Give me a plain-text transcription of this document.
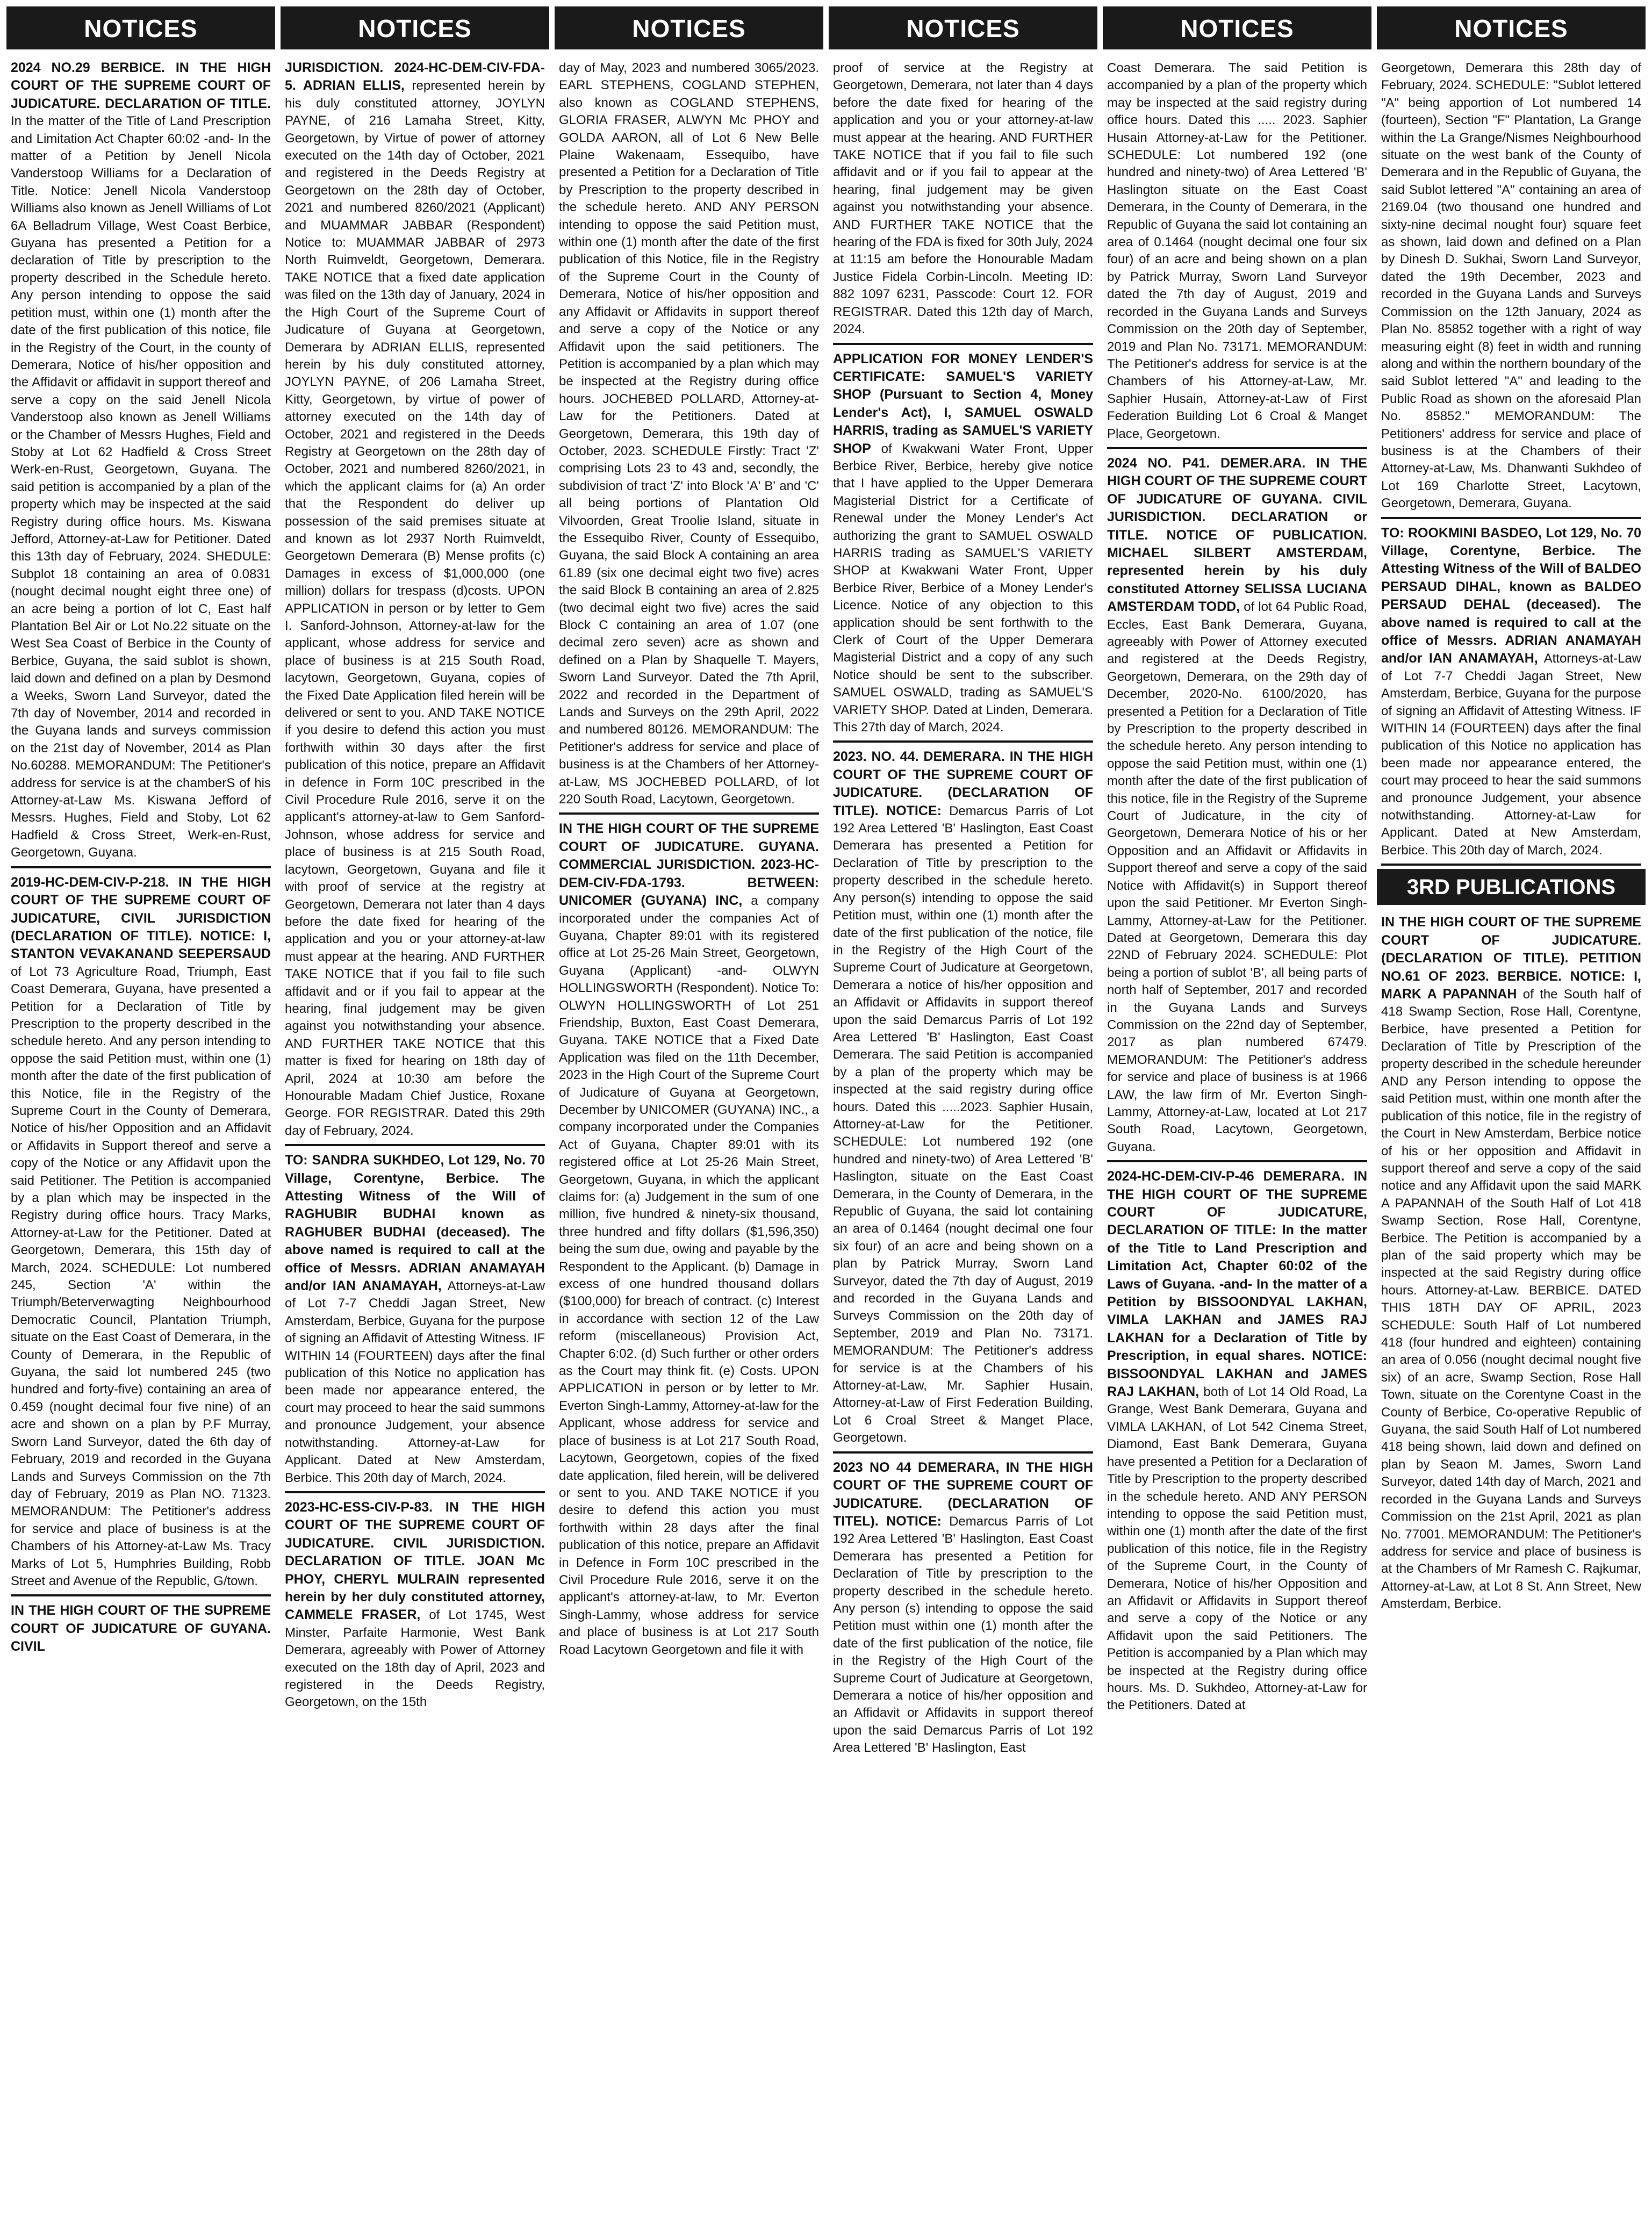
NOTICES

2024 NO.29 BERBICE. IN THE HIGH COURT OF THE SUPREME COURT OF JUDICATURE. DECLARATION OF TITLE. In the matter of the Title of Land Prescription and Limitation Act Chapter 60:02 -and- In the matter of a Petition by Jenell Nicola Vanderstoop Williams for a Declaration of Title. Notice: Jenell Nicola Vanderstoop Williams also known as Jenell Williams of Lot 6A Belladrum Village, West Coast Berbice, Guyana has presented a Petition for a declaration of Title by prescription to the property described in the Schedule hereto. Any person intending to oppose the said petition must, within one (1) month after the date of the first publication of this notice, file in the Registry of the Court, in the county of Demerara, Notice of his/her opposition and the Affidavit or affidavit in support thereof and serve a copy on the said Jenell Nicola Vanderstoop also known as Jenell Williams or the Chamber of Messrs Hughes, Field and Stoby at Lot 62 Hadfield & Cross Street Werk-en-Rust, Georgetown, Guyana. The said petition is accompanied by a plan of the property which may be inspected at the said Registry during office hours. Ms. Kiswana Jefford, Attorney-at-Law for Petitioner. Dated this 13th day of February, 2024. SHEDULE: Subplot 18 containing an area of 0.0831 (nought decimal nought eight three one) of an acre being a portion of lot C, East half Plantation Bel Air or Lot No.22 situate on the West Sea Coast of Berbice in the County of Berbice, Guyana, the said sublot is shown, laid down and defined on a plan by Desmond a Weeks, Sworn Land Surveyor, dated the 7th day of November, 2014 and recorded in the Guyana lands and surveys commission on the 21st day of November, 2014 as Plan No.60288. MEMORANDUM: The Petitioner's address for service is at the chamberS of his Attorney-at-Law Ms. Kiswana Jefford of Messrs. Hughes, Field and Stoby, Lot 62 Hadfield & Cross Street, Werk-en-Rust, Georgetown, Guyana.

2019-HC-DEM-CIV-P-218. IN THE HIGH COURT OF THE SUPREME COURT OF JUDICATURE, CIVIL JURISDICTION (DECLARATION OF TITLE). NOTICE: I, STANTON VEVAKANAND SEEPERSAUD of Lot 73 Agriculture Road, Triumph, East Coast Demerara, Guyana, have presented a Petition for a Declaration of Title by Prescription to the property described in the schedule hereto. And any person intending to oppose the said Petition must, within one (1) month after the date of the first publication of this Notice, file in the Registry of the Supreme Court in the County of Demerara, Notice of his/her Opposition and an Affidavit or Affidavits in Support thereof and serve a copy of the Notice or any Affidavit upon the said Petitioner. The Petition is accompanied by a plan which may be inspected in the Registry during office hours. Tracy Marks, Attorney-at-Law for the Petitioner. Dated at Georgetown, Demerara, this 15th day of March, 2024. SCHEDULE: Lot numbered 245, Section 'A' within the Triumph/Beterverwagting Neighbourhood Democratic Council, Plantation Triumph, situate on the East Coast of Demerara, in the County of Demerara, in the Republic of Guyana, the said lot numbered 245 (two hundred and forty-five) containing an area of 0.459 (nought decimal four five nine) of an acre and shown on a plan by P.F Murray, Sworn Land Surveyor, dated the 6th day of February, 2019 and recorded in the Guyana Lands and Surveys Commission on the 7th day of February, 2019 as Plan NO. 71323. MEMORANDUM: The Petitioner's address for service and place of business is at the Chambers of his Attorney-at-Law Ms. Tracy Marks of Lot 5, Humphries Building, Robb Street and Avenue of the Republic, G/town.

IN THE HIGH COURT OF THE SUPREME COURT OF JUDICATURE OF GUYANA. CIVIL

NOTICES

JURISDICTION. 2024-HC-DEM-CIV-FDA-5. ADRIAN ELLIS, represented herein by his duly constituted attorney, JOYLYN PAYNE, of 216 Lamaha Street, Kitty, Georgetown, by Virtue of power of attorney executed on the 14th day of October, 2021 and registered in the Deeds Registry at Georgetown on the 28th day of October, 2021 and numbered 8260/2021 (Applicant) and MUAMMAR JABBAR (Respondent) Notice to: MUAMMAR JABBAR of 2973 North Ruimveldt, Georgetown, Demerara. TAKE NOTICE that a fixed date application was filed on the 13th day of January, 2024 in the High Court of the Supreme Court of Judicature of Guyana at Georgetown, Demerara by ADRIAN ELLIS, represented herein by his duly constituted attorney, JOYLYN PAYNE, of 206 Lamaha Street, Kitty, Georgetown, by virtue of power of attorney executed on the 14th day of October, 2021 and registered in the Deeds Registry at Georgetown on the 28th day of October, 2021 and numbered 8260/2021, in which the applicant claims for (a) An order that the Respondent do deliver up possession of the said premises situate at and known as lot 2937 North Ruimveldt, Georgetown Demerara (B) Mense profits (c) Damages in excess of $1,000,000 (one million) dollars for trespass (d)costs. UPON APPLICATION in person or by letter to Gem I. Sanford-Johnson, Attorney-at-law for the applicant, whose address for service and place of business is at 215 South Road, lacytown, Georgetown, Guyana, copies of the Fixed Date Application filed herein will be delivered or sent to you. AND TAKE NOTICE if you desire to defend this action you must forthwith within 30 days after the first publication of this notice, prepare an Affidavit in defence in Form 10C prescribed in the Civil Procedure Rule 2016, serve it on the applicant's attorney-at-law to Gem Sanford-Johnson, whose address for service and place of business is at 215 South Road, lacytown, Georgetown, Guyana and file it with proof of service at the registry at Georgetown, Demerara not later than 4 days before the date fixed for hearing of the application and you or your attorney-at-law must appear at the hearing. AND FURTHER TAKE NOTICE that if you fail to file such affidavit and or if you fail to appear at the hearing, final judgement may be given against you notwithstanding your absence. AND FURTHER TAKE NOTICE that this matter is fixed for hearing on 18th day of April, 2024 at 10:30 am before the Honourable Madam Chief Justice, Roxane George. FOR REGISTRAR. Dated this 29th day of February, 2024.

TO: SANDRA SUKHDEO, Lot 129, No. 70 Village, Corentyne, Berbice. The Attesting Witness of the Will of RAGHUBIR BUDHAI known as RAGHUBER BUDHAI (deceased). The above named is required to call at the office of Messrs. ADRIAN ANAMAYAH and/or IAN ANAMAYAH, Attorneys-at-Law of Lot 7-7 Cheddi Jagan Street, New Amsterdam, Berbice, Guyana for the purpose of signing an Affidavit of Attesting Witness. IF WITHIN 14 (FOURTEEN) days after the final publication of this Notice no application has been made nor appearance entered, the court may proceed to hear the said summons and pronounce Judgement, your absence notwithstanding. Attorney-at-Law for Applicant. Dated at New Amsterdam, Berbice. This 20th day of March, 2024.

2023-HC-ESS-CIV-P-83. IN THE HIGH COURT OF THE SUPREME COURT OF JUDICATURE. CIVIL JURISDICTION. DECLARATION OF TITLE. JOAN Mc PHOY, CHERYL MULRAIN represented herein by her duly constituted attorney, CAMMELE FRASER, of Lot 1745, West Minster, Parfaite Harmonie, West Bank Demerara, agreeably with Power of Attorney executed on the 18th day of April, 2023 and registered in the Deeds Registry, Georgetown, on the 15th

NOTICES

day of May, 2023 and numbered 3065/2023. EARL STEPHENS, COGLAND STEPHEN, also known as COGLAND STEPHENS, GLORIA FRASER, ALWYN Mc PHOY and GOLDA AARON, all of Lot 6 New Belle Plaine Wakenaam, Essequibo, have presented a Petition for a Declaration of Title by Prescription to the property described in the schedule hereto. AND ANY PERSON intending to oppose the said Petition must, within one (1) month after the date of the first publication of this Notice, file in the Registry of the Supreme Court in the County of Demerara, Notice of his/her opposition and any Affidavit or Affidavits in support thereof and serve a copy of the Notice or any Affidavit upon the said petitioners. The Petition is accompanied by a plan which may be inspected at the Registry during office hours. JOCHEBED POLLARD, Attorney-at-Law for the Petitioners. Dated at Georgetown, Demerara, this 19th day of October, 2023. SCHEDULE Firstly: Tract 'Z' comprising Lots 23 to 43 and, secondly, the subdivision of tract 'Z' into Block 'A' B' and 'C' all being portions of Plantation Old Vilvoorden, Great Troolie Island, situate in the Essequibo River, County of Essequibo, Guyana, the said Block A containing an area 61.89 (six one decimal eight two five) acres the said Block B containing an area of 2.825 (two decimal eight two five) acres the said Block C containing an area of 1.07 (one decimal zero seven) acre as shown and defined on a Plan by Shaquelle T. Mayers, Sworn Land Surveyor. Dated the 7th April, 2022 and recorded in the Department of Lands and Surveys on the 29th April, 2022 and numbered 80126. MEMORANDUM: The Petitioner's address for service and place of business is at the Chambers of her Attorney-at-Law, MS JOCHEBED POLLARD, of lot 220 South Road, Lacytown, Georgetown.

IN THE HIGH COURT OF THE SUPREME COURT OF JUDICATURE. GUYANA. COMMERCIAL JURISDICTION. 2023-HC-DEM-CIV-FDA-1793. BETWEEN: UNICOMER (GUYANA) INC, a company incorporated under the companies Act of Guyana, Chapter 89:01 with its registered office at Lot 25-26 Main Street, Georgetown, Guyana (Applicant) -and- OLWYN HOLLINGSWORTH (Respondent). Notice To: OLWYN HOLLINGSWORTH of Lot 251 Friendship, Buxton, East Coast Demerara, Guyana. TAKE NOTICE that a Fixed Date Application was filed on the 11th December, 2023 in the High Court of the Supreme Court of Judicature of Guyana at Georgetown, December by UNICOMER (GUYANA) INC., a company incorporated under the Companies Act of Guyana, Chapter 89:01 with its registered office at Lot 25-26 Main Street, Georgetown, Guyana, in which the applicant claims for: (a) Judgement in the sum of one million, five hundred & ninety-six thousand, three hundred and fifty dollars ($1,596,350) being the sum due, owing and payable by the Respondent to the Applicant. (b) Damage in excess of one hundred thousand dollars ($100,000) for breach of contract. (c) Interest in accordance with section 12 of the Law reform (miscellaneous) Provision Act, Chapter 6:02. (d) Such further or other orders as the Court may think fit. (e) Costs. UPON APPLICATION in person or by letter to Mr. Everton Singh-Lammy, Attorney-at-law for the Applicant, whose address for service and place of business is at Lot 217 South Road, Lacytown, Georgetown, copies of the fixed date application, filed herein, will be delivered or sent to you. AND TAKE NOTICE if you desire to defend this action you must forthwith within 28 days after the final publication of this notice, prepare an Affidavit in Defence in Form 10C prescribed in the Civil Procedure Rule 2016, serve it on the applicant's attorney-at-law, to Mr. Everton Singh-Lammy, whose address for service and place of business is at Lot 217 South Road Lacytown Georgetown and file it with

NOTICES

proof of service at the Registry at Georgetown, Demerara, not later than 4 days before the date fixed for hearing of the application and you or your attorney-at-law must appear at the hearing. AND FURTHER TAKE NOTICE that if you fail to file such affidavit and or if you fail to appear at the hearing, final judgement may be given against you notwithstanding your absence. AND FURTHER TAKE NOTICE that the hearing of the FDA is fixed for 30th July, 2024 at 11:15 am before the Honourable Madam Justice Fidela Corbin-Lincoln. Meeting ID: 882 1097 6231, Passcode: Court 12. FOR REGISTRAR. Dated this 12th day of March, 2024.

APPLICATION FOR MONEY LENDER'S CERTIFICATE: SAMUEL'S VARIETY SHOP (Pursuant to Section 4, Money Lender's Act), I, SAMUEL OSWALD HARRIS, trading as SAMUEL'S VARIETY SHOP of Kwakwani Water Front, Upper Berbice River, Berbice, hereby give notice that I have applied to the Upper Demerara Magisterial District for a Certificate of Renewal under the Money Lender's Act authorizing the grant to SAMUEL OSWALD HARRIS trading as SAMUEL'S VARIETY SHOP at Kwakwani Water Front, Upper Berbice River, Berbice of a Money Lender's Licence. Notice of any objection to this application should be sent forthwith to the Clerk of Court of the Upper Demerara Magisterial District and a copy of any such Notice should be sent to the subscriber. SAMUEL OSWALD, trading as SAMUEL'S VARIETY SHOP. Dated at Linden, Demerara. This 27th day of March, 2024.

2023. NO. 44. DEMERARA. IN THE HIGH COURT OF THE SUPREME COURT OF JUDICATURE. (DECLARATION OF TITLE). NOTICE: Demarcus Parris of Lot 192 Area Lettered 'B' Haslington, East Coast Demerara has presented a Petition for Declaration of Title by prescription to the property described in the schedule hereto. Any person(s) intending to oppose the said Petition must, within one (1) month after the date of the first publication of the notice, file in the Registry of the High Court of the Supreme Court of Judicature at Georgetown, Demerara a notice of his/her opposition and an Affidavit or Affidavits in support thereof upon the said Demarcus Parris of Lot 192 Area Lettered 'B' Haslington, East Coast Demerara. The said Petition is accompanied by a plan of the property which may be inspected at the said registry during office hours. Dated this .....2023. Saphier Husain, Attorney-at-Law for the Petitioner. SCHEDULE: Lot numbered 192 (one hundred and ninety-two) of Area Lettered 'B' Haslington, situate on the East Coast Demerara, in the County of Demerara, in the Republic of Guyana, the said lot containing an area of 0.1464 (nought decimal one four six four) of an acre and being shown on a plan by Patrick Murray, Sworn Land Surveyor, dated the 7th day of August, 2019 and recorded in the Guyana Lands and Surveys Commission on the 20th day of September, 2019 and Plan No. 73171. MEMORANDUM: The Petitioner's address for service is at the Chambers of his Attorney-at-Law, Mr. Saphier Husain, Attorney-at-Law of First Federation Building, Lot 6 Croal Street & Manget Place, Georgetown.

2023 NO 44 DEMERARA, IN THE HIGH COURT OF THE SUPREME COURT OF JUDICATURE. (DECLARATION OF TITEL). NOTICE: Demarcus Parris of Lot 192 Area Lettered 'B' Haslington, East Coast Demerara has presented a Petition for Declaration of Title by prescription to the property described in the schedule hereto. Any person (s) intending to oppose the said Petition must within one (1) month after the date of the first publication of the notice, file in the Registry of the High Court of the Supreme Court of Judicature at Georgetown, Demerara a notice of his/her opposition and an Affidavit or Affidavits in support thereof upon the said Demarcus Parris of Lot 192 Area Lettered 'B' Haslington, East

NOTICES

Coast Demerara. The said Petition is accompanied by a plan of the property which may be inspected at the said registry during office hours. Dated this ..... 2023. Saphier Husain Attorney-at-Law for the Petitioner. SCHEDULE: Lot numbered 192 (one hundred and ninety-two) of Area Lettered 'B' Haslington situate on the East Coast Demerara, in the County of Demerara, in the Republic of Guyana the said lot containing an area of 0.1464 (nought decimal one four six four) of an acre and being shown on a plan by Patrick Murray, Sworn Land Surveyor dated the 7th day of August, 2019 and recorded in the Guyana Lands and Surveys Commission on the 20th day of September, 2019 and Plan No. 73171. MEMORANDUM: The Petitioner's address for service is at the Chambers of his Attorney-at-Law, Mr. Saphier Husain, Attorney-at-Law of First Federation Building Lot 6 Croal & Manget Place, Georgetown.

2024 NO. P41. DEMER.ARA. IN THE HIGH COURT OF THE SUPREME COURT OF JUDICATURE OF GUYANA. CIVIL JURISDICTION. DECLARATION or TITLE. NOTICE OF PUBLICATION. MICHAEL SILBERT AMSTERDAM, represented herein by his duly constituted Attorney SELISSA LUCIANA AMSTERDAM TODD, of lot 64 Public Road, Eccles, East Bank Demerara, Guyana, agreeably with Power of Attorney executed and registered at the Deeds Registry, Georgetown, Demerara, on the 29th day of December, 2020-No. 6100/2020, has presented a Petition for a Declaration of Title by Prescription to the property described in the schedule hereto. Any person intending to oppose the said Petition must, within one (1) month after the date of the first publication of this notice, file in the Registry of the Supreme Court of Judicature, in the city of Georgetown, Demerara Notice of his or her Opposition and an Affidavit or Affidavits in Support thereof and serve a copy of the said Notice with Affidavit(s) in Support thereof upon the said Petitioner. Mr Everton Singh-Lammy, Attorney-at-Law for the Petitioner. Dated at Georgetown, Demerara this day 22ND of February 2024. SCHEDULE: Plot being a portion of sublot 'B', all being parts of north half of September, 2017 and recorded in the Guyana Lands and Surveys Commission on the 22nd day of September, 2017 as plan numbered 67479. MEMORANDUM: The Petitioner's address for service and place of business is at 1966 LAW, the law firm of Mr. Everton Singh-Lammy, Attorney-at-Law, located at Lot 217 South Road, Lacytown, Georgetown, Guyana.

2024-HC-DEM-CIV-P-46 DEMERARA. IN THE HIGH COURT OF THE SUPREME COURT OF JUDICATURE, DECLARATION OF TITLE: In the matter of the Title to Land Prescription and Limitation Act, Chapter 60:02 of the Laws of Guyana. -and- In the matter of a Petition by BISSOONDYAL LAKHAN, VIMLA LAKHAN and JAMES RAJ LAKHAN for a Declaration of Title by Prescription, in equal shares. NOTICE: BISSOONDYAL LAKHAN and JAMES RAJ LAKHAN, both of Lot 14 Old Road, La Grange, West Bank Demerara, Guyana and VIMLA LAKHAN, of Lot 542 Cinema Street, Diamond, East Bank Demerara, Guyana have presented a Petition for a Declaration of Title by Prescription to the property described in the schedule hereto. AND ANY PERSON intending to oppose the said Petition must, within one (1) month after the date of the first publication of this notice, file in the Registry of the Supreme Court, in the County of Demerara, Notice of his/her Opposition and an Affidavit or Affidavits in Support thereof and serve a copy of the Notice or any Affidavit upon the said Petitioners. The Petition is accompanied by a Plan which may be inspected at the Registry during office hours. Ms. D. Sukhdeo, Attorney-at-Law for the Petitioners. Dated at

NOTICES

Georgetown, Demerara this 28th day of February, 2024. SCHEDULE: "Sublot lettered "A" being apportion of Lot numbered 14 (fourteen), Section "F" Plantation, La Grange within the La Grange/Nismes Neighbourhood situate on the west bank of the County of Demerara and in the Republic of Guyana, the said Sublot lettered "A" containing an area of 2169.04 (two thousand one hundred and sixty-nine decimal nought four) square feet as shown, laid down and defined on a Plan by Dinesh D. Sukhai, Sworn Land Surveyor, dated the 19th December, 2023 and recorded in the Guyana Lands and Surveys Commission on the 12th January, 2024 as Plan No. 85852 together with a right of way measuring eight (8) feet in width and running along and within the northern boundary of the said Sublot lettered "A" and leading to the Public Road as shown on the aforesaid Plan No. 85852." MEMORANDUM: The Petitioners' address for service and place of business is at the Chambers of their Attorney-at-Law, Ms. Dhanwanti Sukhdeo of Lot 169 Charlotte Street, Lacytown, Georgetown, Demerara, Guyana.

TO: ROOKMINI BASDEO, Lot 129, No. 70 Village, Corentyne, Berbice. The Attesting Witness of the Will of BALDEO PERSAUD DIHAL, known as BALDEO PERSAUD DEHAL (deceased). The above named is required to call at the office of Messrs. ADRIAN ANAMAYAH and/or IAN ANAMAYAH, Attorneys-at-Law of Lot 7-7 Cheddi Jagan Street, New Amsterdam, Berbice, Guyana for the purpose of signing an Affidavit of Attesting Witness. IF WITHIN 14 (FOURTEEN) days after the final publication of this Notice no application has been made nor appearance entered, the court may proceed to hear the said summons and pronounce Judgement, your absence notwithstanding. Attorney-at-Law for Applicant. Dated at New Amsterdam, Berbice. This 20th day of March, 2024.

3RD PUBLICATIONS

IN THE HIGH COURT OF THE SUPREME COURT OF JUDICATURE. (DECLARATION OF TITLE). PETITION NO.61 OF 2023. BERBICE. NOTICE: I, MARK A PAPANNAH of the South half of 418 Swamp Section, Rose Hall, Corentyne, Berbice, have presented a Petition for Declaration of Title by Prescription of the property described in the schedule hereunder AND any Person intending to oppose the said Petition must, within one month after the publication of this notice, file in the registry of the Court in New Amsterdam, Berbice notice of his or her opposition and Affidavit in support thereof and serve a copy of the said notice and any Affidavit upon the said MARK A PAPANNAH of the South Half of Lot 418 Swamp Section, Rose Hall, Corentyne, Berbice. The Petition is accompanied by a plan of the said property which may be inspected at the said Registry during office hours. Attorney-at-Law. BERBICE. DATED THIS 18TH DAY OF APRIL, 2023 SCHEDULE: South Half of Lot numbered 418 (four hundred and eighteen) containing an area of 0.056 (nought decimal nought five six) of an acre, Swamp Section, Rose Hall Town, situate on the Corentyne Coast in the County of Berbice, Co-operative Republic of Guyana, the said South Half of Lot numbered 418 being shown, laid down and defined on plan by Seaon M. James, Sworn Land Surveyor, dated 14th day of March, 2021 and recorded in the Guyana Lands and Surveys Commission on the 21st April, 2021 as plan No. 77001. MEMORANDUM: The Petitioner's address for service and place of business is at the Chambers of Mr Ramesh C. Rajkumar, Attorney-at-Law, at Lot 8 St. Ann Street, New Amsterdam, Berbice.
